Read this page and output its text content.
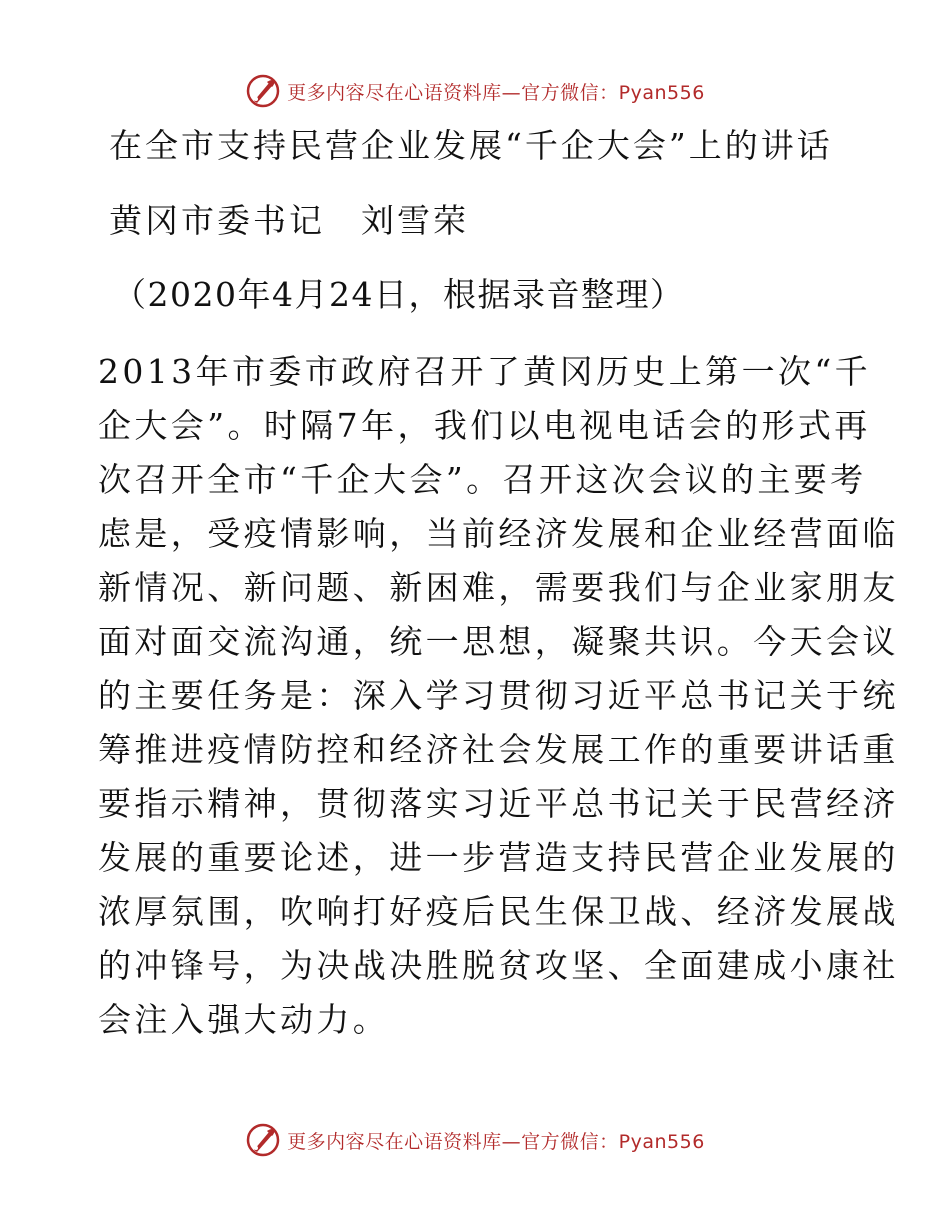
更多内容尽在心语资料库—官方微信：Pyan556
在全市支持民营企业发展“千企大会”上的讲话
黄冈市委书记　刘雪荣
（2020年4月24日，根据录音整理）
2013年市委市政府召开了黄冈历史上第一次“千
企大会”。时隔7年，我们以电视电话会的形式再
次召开全市“千企大会”。召开这次会议的主要考
虑是，受疫情影响，当前经济发展和企业经营面临
新情况、新问题、新困难，需要我们与企业家朋友
面对面交流沟通，统一思想，凝聚共识。今天会议
的主要任务是：深入学习贯彻习近平总书记关于统
筹推进疫情防控和经济社会发展工作的重要讲话重
要指示精神，贯彻落实习近平总书记关于民营经济
发展的重要论述，进一步营造支持民营企业发展的
浓厚氛围，吹响打好疫后民生保卫战、经济发展战
的冲锋号，为决战决胜脱贫攻坚、全面建成小康社
会注入强大动力。
更多内容尽在心语资料库—官方微信：Pyan556
